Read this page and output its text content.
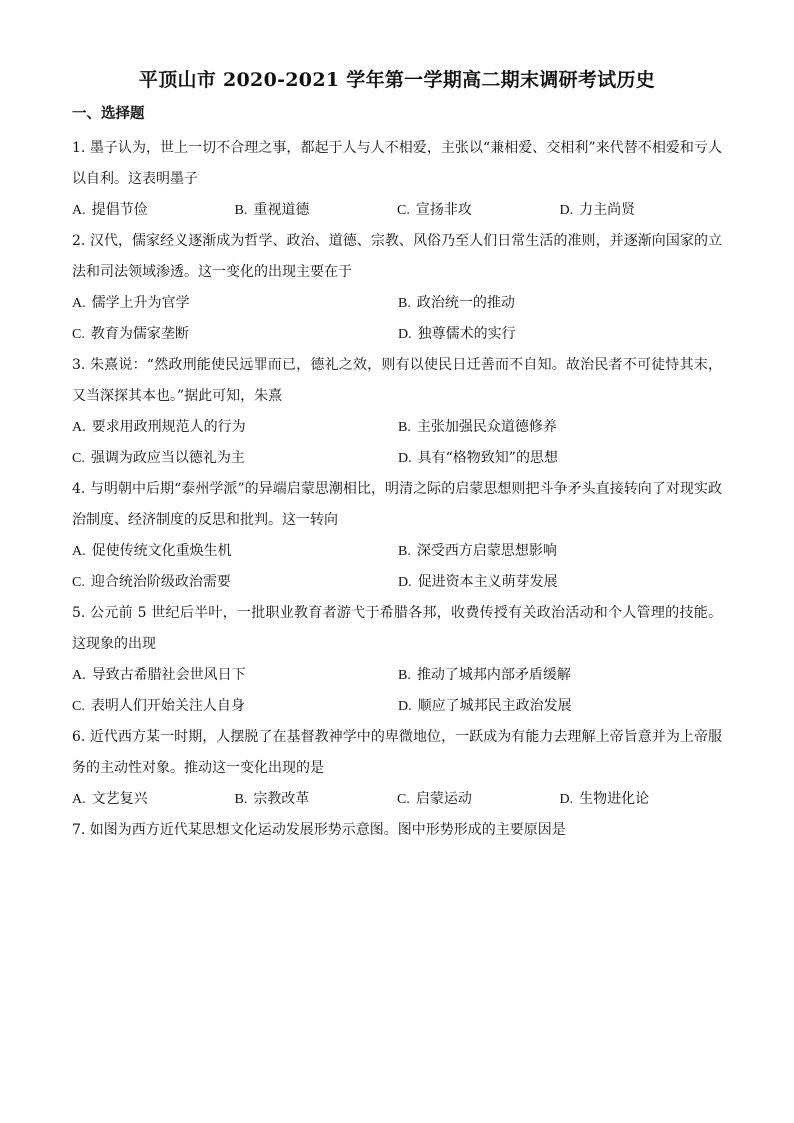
平顶山市 2020-2021 学年第一学期高二期末调研考试历史
一、选择题

1. 墨子认为，世上一切不合理之事，都起于人与人不相爱，主张以“兼相爱、交相利”来代替不相爱和亏人以自利。这表明墨子

A. 提倡节俭	B. 重视道德	C. 宣扬非攻	D. 力主尚贤

2. 汉代，儒家经义逐渐成为哲学、政治、道德、宗教、风俗乃至人们日常生活的准则，并逐渐向国家的立法和司法领域渗透。这一变化的出现主要在于

A. 儒学上升为官学	B. 政治统一的推动
C. 教育为儒家垄断	D. 独尊儒术的实行

3. 朱熹说：“然政刑能使民远罪而已，德礼之效，则有以使民日迁善而不自知。故治民者不可徒恃其末，又当深探其本也。”据此可知，朱熹

A. 要求用政刑规范人的行为	B. 主张加强民众道德修养
C. 强调为政应当以德礼为主	D. 具有“格物致知”的思想

4. 与明朝中后期“泰州学派”的异端启蒙思潮相比，明清之际的启蒙思想则把斗争矛头直接转向了对现实政治制度、经济制度的反思和批判。这一转向

A. 促使传统文化重焕生机	B. 深受西方启蒙思想影响
C. 迎合统治阶级政治需要	D. 促进资本主义萌芽发展

5. 公元前 5 世纪后半叶，一批职业教育者游弋于希腊各邦，收费传授有关政治活动和个人管理的技能。这现象的出现

A. 导致古希腊社会世风日下	B. 推动了城邦内部矛盾缓解
C. 表明人们开始关注人自身	D. 顺应了城邦民主政治发展

6. 近代西方某一时期，人摆脱了在基督教神学中的卑微地位，一跃成为有能力去理解上帝旨意并为上帝服务的主动性对象。推动这一变化出现的是

A. 文艺复兴	B. 宗教改革	C. 启蒙运动	D. 生物进化论

7. 如图为西方近代某思想文化运动发展形势示意图。图中形势形成的主要原因是
